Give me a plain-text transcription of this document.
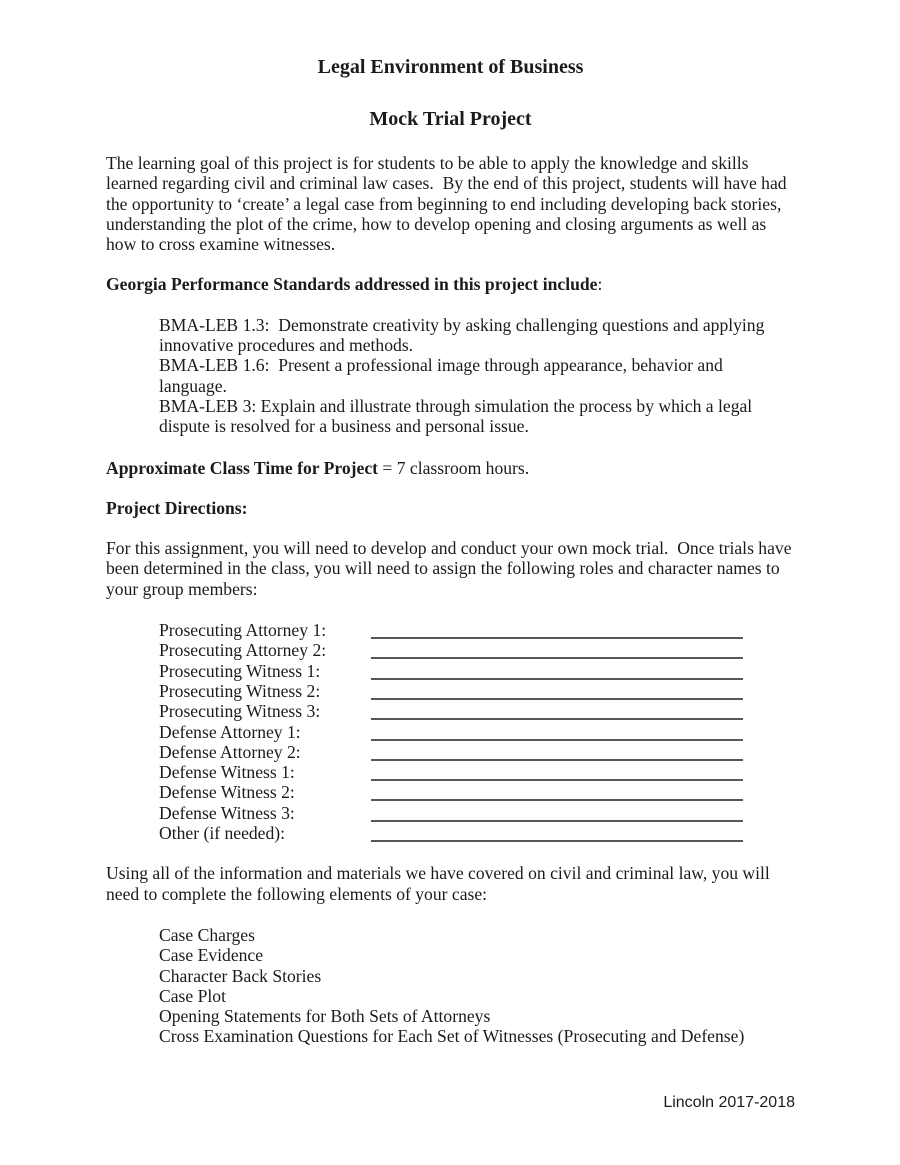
Legal Environment of Business
Mock Trial Project
The learning goal of this project is for students to be able to apply the knowledge and skills
learned regarding civil and criminal law cases.  By the end of this project, students will have had
the opportunity to ‘create’ a legal case from beginning to end including developing back stories,
understanding the plot of the crime, how to develop opening and closing arguments as well as
how to cross examine witnesses.
Georgia Performance Standards addressed in this project include:
BMA-LEB 1.3:  Demonstrate creativity by asking challenging questions and applying
innovative procedures and methods.
BMA-LEB 1.6:  Present a professional image through appearance, behavior and
language.
BMA-LEB 3: Explain and illustrate through simulation the process by which a legal
dispute is resolved for a business and personal issue.
Approximate Class Time for Project = 7 classroom hours.
Project Directions:
For this assignment, you will need to develop and conduct your own mock trial.  Once trials have
been determined in the class, you will need to assign the following roles and character names to
your group members:
Prosecuting Attorney 1:
Prosecuting Attorney 2:
Prosecuting Witness 1:
Prosecuting Witness 2:
Prosecuting Witness 3:
Defense Attorney 1:
Defense Attorney 2:
Defense Witness 1:
Defense Witness 2:
Defense Witness 3:
Other (if needed):
Using all of the information and materials we have covered on civil and criminal law, you will
need to complete the following elements of your case:
Case Charges
Case Evidence
Character Back Stories
Case Plot
Opening Statements for Both Sets of Attorneys
Cross Examination Questions for Each Set of Witnesses (Prosecuting and Defense)
Lincoln 2017-2018
